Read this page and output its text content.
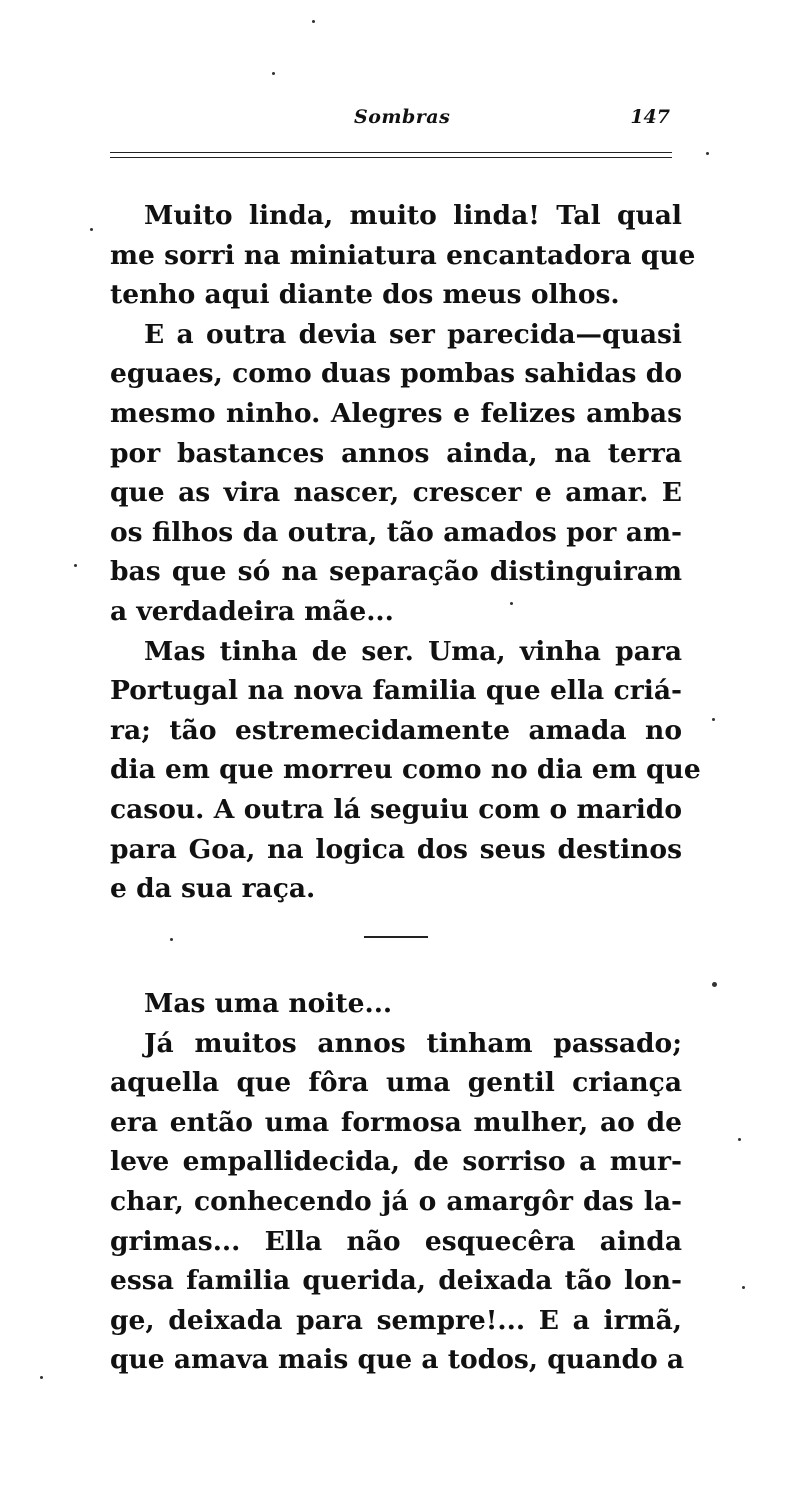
Sombras	147
Muito linda, muito linda! Tal qual
me sorri na miniatura encantadora que
tenho aqui diante dos meus olhos.
E a outra devia ser parecida—quasi
eguaes, como duas pombas sahidas do
mesmo ninho. Alegres e felizes ambas
por bastances annos ainda, na terra
que as vira nascer, crescer e amar. E
os filhos da outra, tão amados por am-
bas que só na separação distinguiram
a verdadeira mãe...
Mas tinha de ser. Uma, vinha para
Portugal na nova familia que ella criá-
ra; tão estremecidamente amada no
dia em que morreu como no dia em que
casou. A outra lá seguiu com o marido
para Goa, na logica dos seus destinos
e da sua raça.
Mas uma noite...
Já muitos annos tinham passado;
aquella que fôra uma gentil criança
era então uma formosa mulher, ao de
leve empallidecida, de sorriso a mur-
char, conhecendo já o amargôr das la-
grimas... Ella não esquecêra ainda
essa familia querida, deixada tão lon-
ge, deixada para sempre!... E a irmã,
que amava mais que a todos, quando a
